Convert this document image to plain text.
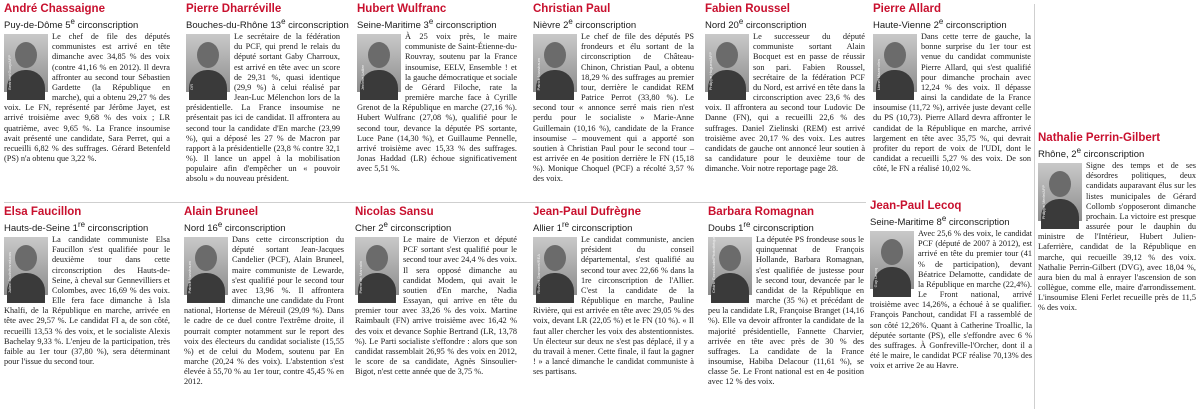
André Chassaigne
Puy-de-Dôme 5e circonscription
Bertrand Guay/AFP

Le chef de file des députés communistes est arrivé en tête dimanche avec 34,85 % des voix (contre 41,16 % en 2012). Il devra affronter au second tour Sébastien Gardette (la République en marche), qui a obtenu 29,27 % des voix. Le FN, représenté par Jérôme Jayet, est arrivé troisième avec 9,68 % des voix ; LR quatrième, avec 9,65 %. La France insoumise avait présenté une candidate, Sara Perret, qui a recueilli 6,82 % des suffrages. Gérard Betenfeld (PS) n'a obtenu que 3,22 %.

Pierre Dharréville
Bouches-du-Rhône 13e circonscription
DR

Le secrétaire de la fédération du PCF, qui prend le relais du député sortant Gaby Charroux, est arrivé en tête avec un score de 29,31 %, quasi identique (29,9 %) à celui réalisé par Jean-Luc Mélenchon lors de la présidentielle. La France insoumise ne présentait pas ici de candidat. Il affrontera au second tour la candidate d'En marche (23,99 %), qui a déposé les 27 % de Macron par rapport à la présidentielle (23,8 % contre 32,1 %). Il lance un appel à la mobilisation populaire afin d'empêcher un « pouvoir absolu » du nouveau président.

Hubert Wulfranc
Seine-Maritime 3e circonscription
Jérôme Lallier

À 25 voix près, le maire communiste de Saint-Étienne-du-Rouvray, soutenu par la France insoumise, EELV, Ensemble ! et la gauche démocratique et sociale de Gérard Filoche, rate la première marche face à Cyrille Grenot de la République en marche (27,16 %). Hubert Wulfranc (27,08 %), qualifié pour le second tour, devance la députée PS sortante, Luce Pane (14,30 %), et Guillaume Pennelle, arrivé troisième avec 15,33 % des suffrages. Jonas Haddad (LR) échoue significativement avec 5,51 %.

Christian Paul
Nièvre 2e circonscription
Patrick Nussbaum

Le chef de file des députés PS frondeurs et élu sortant de la circonscription de Château-Chinon, Christian Paul, a obtenu 18,29 % des suffrages au premier tour, derrière le candidat REM Patrice Perrot (33,80 %). Le second tour « annonce serré mais rien n'est perdu pour le socialiste » Marie-Anne Guillemain (10,16 %), candidate de la France insoumise – mouvement qui a apporté son soutien à Christian Paul pour le second tour – est arrivée en 4e position derrière le FN (15,18 %). Monique Choquel (PCF) a récolté 3,57 % des voix.

Fabien Roussel
Nord 20e circonscription
Philippe Huguen/AFP

Le successeur du député communiste sortant Alain Bocquet est en passe de réussir son pari. Fabien Roussel, secrétaire de la fédération PCF du Nord, est arrivé en tête dans la circonscription avec 23,6 % des voix. Il affrontera au second tour Ludovic De Danne (FN), qui a recueilli 22,6 % des suffrages. Daniel Zielinski (REM) est arrivé troisième avec 20,17 % des voix. Les autres candidats de gauche ont annoncé leur soutien à sa candidature pour le deuxième tour de dimanche. Voir notre reportage page 28.

Pierre Allard
Haute-Vienne 2e circonscription
Lionel Mazerolles

Dans cette terre de gauche, la bonne surprise du 1er tour est venue du candidat communiste Pierre Allard, qui s'est qualifié pour dimanche prochain avec 12,24 % des voix. Il dépasse ainsi la candidate de la France insoumise (11,72 %), arrivée juste devant celle du PS (10,73). Pierre Allard devra affronter le candidat de la République en marche, arrivé largement en tête avec 35,75 %, qui devrait profiter du report de voix de l'UDI, dont le candidat a recueilli 5,27 % des voix. De son côté, le FN a réalisé 10,02 %.

Nathalie Perrin-Gilbert
Rhône, 2e circonscription
Philippe Merle/AFP

Signe des temps et de ses désordres politiques, deux candidats auparavant élus sur les listes municipales de Gérard Collomb s'opposeront dimanche prochain. La victoire est presque assurée pour le dauphin du ministre de l'Intérieur, Hubert Julien-Laferrière, candidat de la République en marche, qui recueille 39,12 % des voix. Nathalie Perrin-Gilbert (DVG), avec 18,04 %, aura bien du mal à enrayer l'ascension de son collègue, comme elle, maire d'arrondissement. L'insoumise Eleni Ferlet recueille près de 11,5 % des voix.

Elsa Faucillon
Hauts-de-Seine 1re circonscription
Julien Jaulin/hanslucas

La candidate communiste Elsa Faucillon s'est qualifiée pour le deuxième tour dans cette circonscription des Hauts-de-Seine, à cheval sur Gennevilliers et Colombes, avec 16,69 % des voix. Elle fera face dimanche à Isla Khalfi, de la République en marche, arrivée en tête avec 29,57 %. Le candidat FI a, de son côté, recueilli 13,53 % des voix, et le socialiste Alexis Bachelay 9,33 %. L'enjeu de la participation, très faible au 1er tour (37,80 %), sera déterminant pour l'issue du second tour.

Alain Bruneel
Nord 16e circonscription
Patrick Nussbaum

Dans cette circonscription du député sortant Jean-Jacques Candelier (PCF), Alain Bruneel, maire communiste de Lewarde, s'est qualifié pour le second tour avec 13,96 %. Il affrontera dimanche une candidate du Front national, Hortense de Méreuil (29,09 %). Dans le cadre de ce duel contre l'extrême droite, il pourrait compter notamment sur le report des voix des électeurs du candidat socialiste (15,55 %) et de celui du Modem, soutenu par En marche (20,24 % des voix). L'abstention s'est élevée à 55,70 % au 1er tour, contre 45,45 % en 2012.

Nicolas Sansu
Cher 2e circonscription
Pierre de Marcalin

Le maire de Vierzon et député PCF sortant s'est qualifié pour le second tour avec 24,4 % des voix. Il sera opposé dimanche au candidat Modem, qui avait le soutien d'En marche, Nadia Essayan, qui arrive en tête du premier tour avec 33,26 % des voix. Martine Raimbault (FN) arrive troisième avec 16,42 % des voix et devance Sophie Bertrand (LR, 13,78 %). Le Parti socialiste s'effondre : alors que son candidat rassemblait 26,95 % des voix en 2012, le score de sa candidate, Agnès Sinsoulier-Bigot, n'est cette année que de 3,75 %.

Jean-Paul Dufrègne
Allier 1re circonscription
Richard Damoret/REA

Le candidat communiste, ancien président du conseil départemental, s'est qualifié au second tour avec 22,66 % dans la 1re circonscription de l'Allier. C'est la candidate de la République en marche, Pauline Rivière, qui est arrivée en tête avec 29,05 % des voix, devant LR (22,05 %) et le FN (10 %). « Il faut aller chercher les voix des abstentionnistes. Un électeur sur deux ne s'est pas déplacé, il y a du travail à mener. Cette finale, il faut la gagner ! » a lancé dimanche le candidat communiste à ses partisans.

Barbara Romagnan
Doubs 1re circonscription
Cédric Grosclaude/Photothèque	La députée PS frondeuse sous le quinquennat de François Hollande, Barbara Romagnan, s'est qualifiée de justesse pour le second tour, devancée par le candidat de la République en marche (35 %) et précédant de peu la candidate LR, Françoise Branget (14,16 %). Elle va devoir affronter la candidate de la majorité présidentielle, Fannette Charvier, arrivée en tête avec près de 30 % des suffrages. La candidate de la France insoumise, Habiba Delacour (11,61 %), se classe 5e. Le Front national est en 4e position avec 12 % des voix.

Jean-Paul Lecoq
Seine-Maritime 8e circonscription
Guy Lecoq

Avec 25,6 % des voix, le candidat PCF (député de 2007 à 2012), est arrivé en tête du premier tour (41 % de participation), devant Béatrice Delamotte, candidate de la République en marche (22,4%). Le Front national, arrivé troisième avec 14,26%, a échoué à se qualifier. François Panchout, candidat FI a rassemblé de son côté 12,26%. Quant à Catherine Troallic, la députée sortante (PS), elle s'effondre avec 6 % des suffrages. À Gonfreville-l'Orcher, dont il a été le maire, le candidat PCF réalise 70,13% des voix et arrive 2e au Havre.
